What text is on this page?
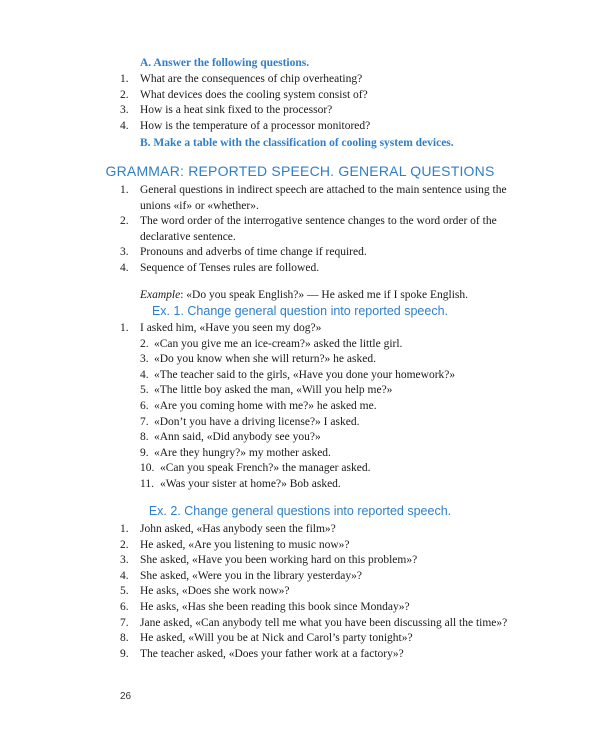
A. Answer the following questions.

1. What are the consequences of chip overheating?

2. What devices does the cooling system consist of?

3. How is a heat sink fixed to the processor?

4. How is the temperature of a processor monitored?

B. Make a table with the classification of cooling system devices.

GRAMMAR: REPORTED SPEECH. GENERAL QUESTIONS

1. General questions in indirect speech are attached to the main sentence using the unions «if» or «whether».

2. The word order of the interrogative sentence changes to the word order of the declarative sentence.

3. Pronouns and adverbs of time change if required.

4. Sequence of Tenses rules are followed.

Example: «Do you speak English?» — He asked me if I spoke English.

Ex. 1. Change general question into reported speech.

1. I asked him, «Have you seen my dog?»

2. «Can you give me an ice-cream?» asked the little girl.

3. «Do you know when she will return?» he asked.

4. «The teacher said to the girls, «Have you done your homework?»

5. «The little boy asked the man, «Will you help me?»

6. «Are you coming home with me?» he asked me.

7. «Don’t you have a driving license?» I asked.

8. «Ann said, «Did anybody see you?»

9. «Are they hungry?» my mother asked.

10. «Can you speak French?» the manager asked.

11. «Was your sister at home?» Bob asked.

Ex. 2. Change general questions into reported speech.

1. John asked, «Has anybody seen the film»?

2. He asked, «Are you listening to music now»?

3. She asked, «Have you been working hard on this problem»?

4. She asked, «Were you in the library yesterday»?

5. He asks, «Does she work now»?

6. He asks, «Has she been reading this book since Monday»?

7. Jane asked, «Can anybody tell me what you have been discussing all the time»?

8. He asked, «Will you be at Nick and Carol’s party tonight»?

9. The teacher asked, «Does your father work at a factory»?

26
